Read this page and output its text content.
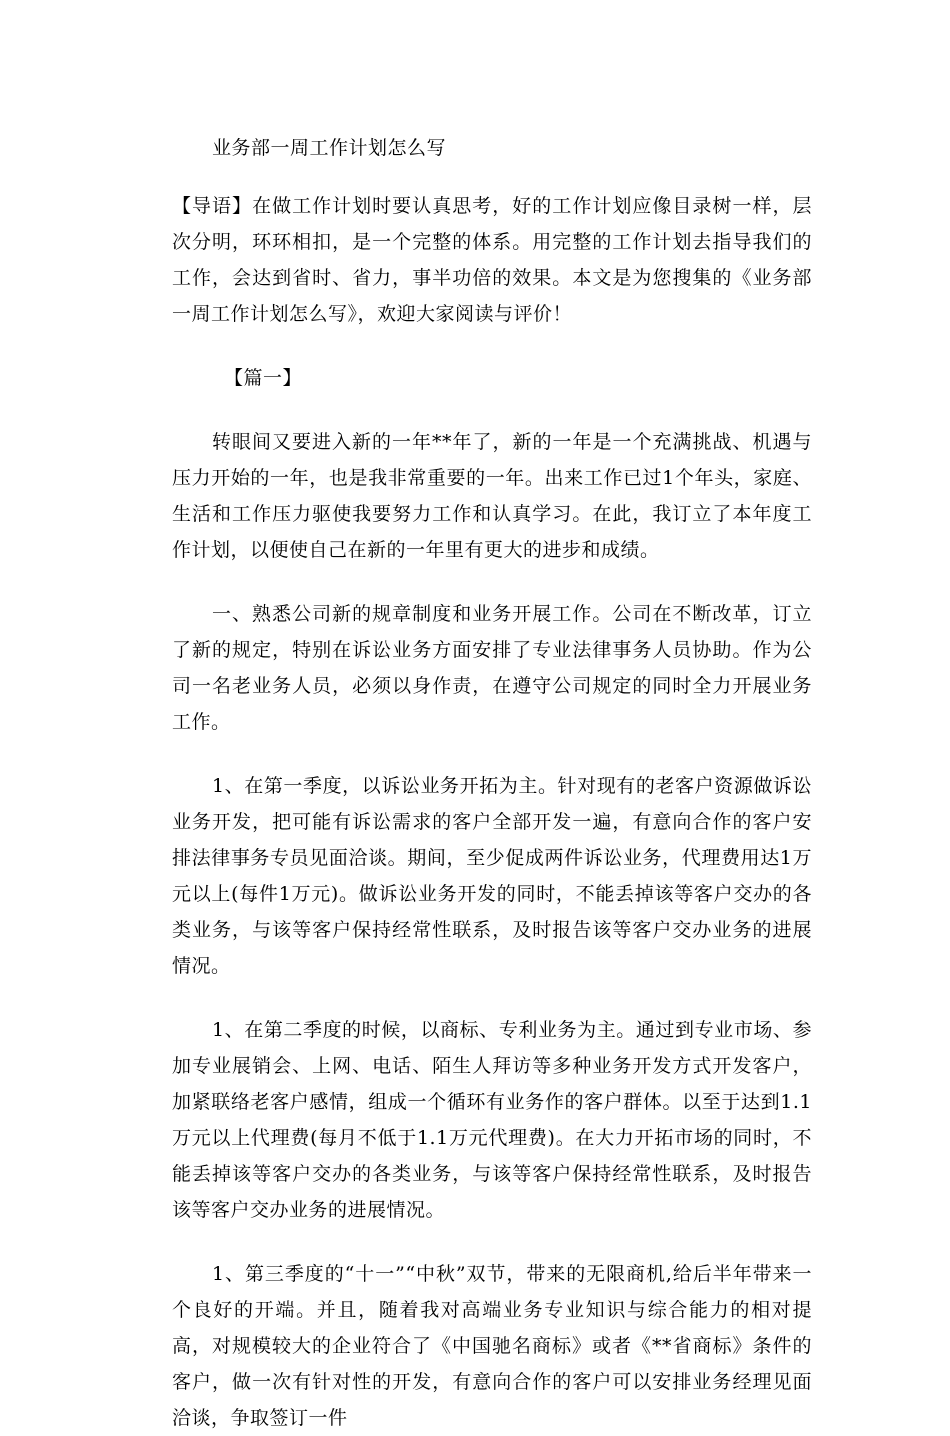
业务部一周工作计划怎么写

【导语】在做工作计划时要认真思考，好的工作计划应像目录树一样，层次分明，环环相扣，是一个完整的体系。用完整的工作计划去指导我们的工作，会达到省时、省力，事半功倍的效果。本文是为您搜集的《业务部一周工作计划怎么写》，欢迎大家阅读与评价！

【篇一】

转眼间又要进入新的一年**年了，新的一年是一个充满挑战、机遇与压力开始的一年，也是我非常重要的一年。出来工作已过1个年头，家庭、生活和工作压力驱使我要努力工作和认真学习。在此，我订立了本年度工作计划，以便使自己在新的一年里有更大的进步和成绩。

一、熟悉公司新的规章制度和业务开展工作。公司在不断改革，订立了新的规定，特别在诉讼业务方面安排了专业法律事务人员协助。作为公司一名老业务人员，必须以身作责，在遵守公司规定的同时全力开展业务工作。

1、在第一季度，以诉讼业务开拓为主。针对现有的老客户资源做诉讼业务开发，把可能有诉讼需求的客户全部开发一遍，有意向合作的客户安排法律事务专员见面洽谈。期间，至少促成两件诉讼业务，代理费用达1万元以上(每件1万元)。做诉讼业务开发的同时，不能丢掉该等客户交办的各类业务，与该等客户保持经常性联系，及时报告该等客户交办业务的进展情况。

1、在第二季度的时候，以商标、专利业务为主。通过到专业市场、参加专业展销会、上网、电话、陌生人拜访等多种业务开发方式开发客户，加紧联络老客户感情，组成一个循环有业务作的客户群体。以至于达到1.1万元以上代理费(每月不低于1.1万元代理费)。在大力开拓市场的同时，不能丢掉该等客户交办的各类业务，与该等客户保持经常性联系，及时报告该等客户交办业务的进展情况。

1、第三季度的“十一”“中秋”双节，带来的无限商机,给后半年带来一个良好的开端。并且，随着我对高端业务专业知识与综合能力的相对提高，对规模较大的企业符合了《中国驰名商标》或者《**省商标》条件的客户，做一次有针对性的开发，有意向合作的客户可以安排业务经理见面洽谈，争取签订一件
